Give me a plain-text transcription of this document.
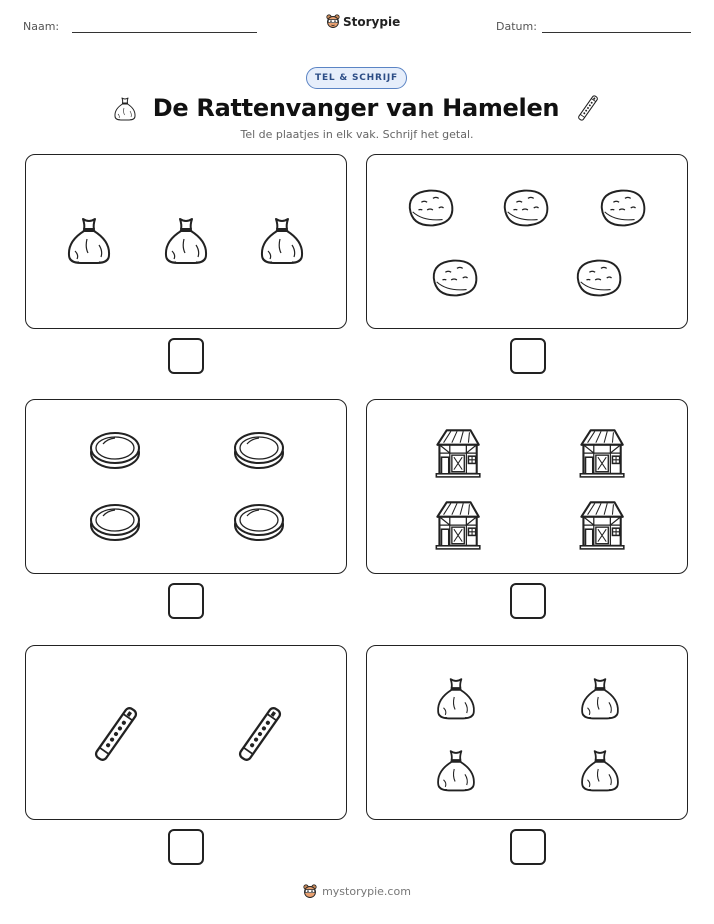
Naam:	Storypie	Datum:
TEL & SCHRIJF
De Rattenvanger van Hamelen
Tel de plaatjes in elk vak. Schrijf het getal.
mystorypie.com
